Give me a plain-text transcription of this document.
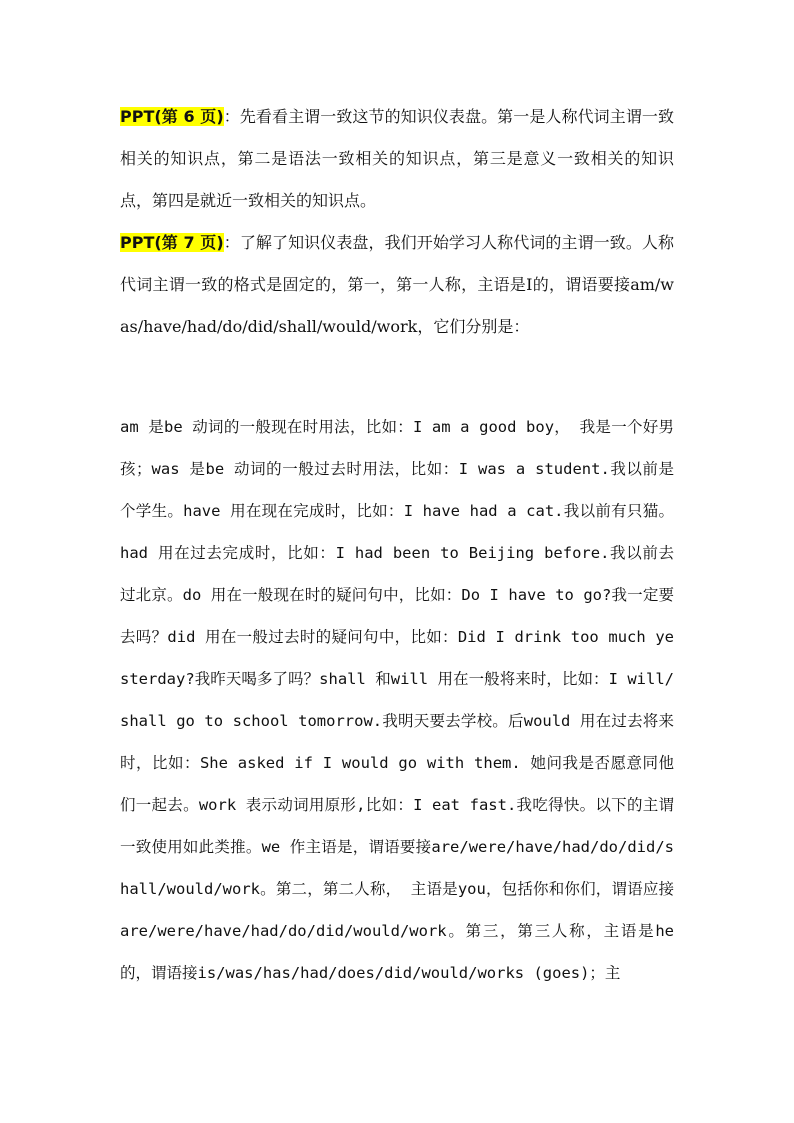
PPT(第 6 页)：先看看主谓一致这节的知识仪表盘。第一是人称代词主谓一致相关的知识点，第二是语法一致相关的知识点，第三是意义一致相关的知识点，第四是就近一致相关的知识点。

PPT(第 7 页)：了解了知识仪表盘，我们开始学习人称代词的主谓一致。人称代词主谓一致的格式是固定的，第一，第一人称，主语是I的，谓语要接am/was/have/had/do/did/shall/would/work，它们分别是：

am 是be 动词的一般现在时用法，比如：I am a good boy， 我是一个好男孩；was 是be 动词的一般过去时用法，比如：I was a student.我以前是个学生。have 用在现在完成时，比如：I have had a cat.我以前有只猫。had 用在过去完成时，比如：I had been to Beijing before.我以前去过北京。do 用在一般现在时的疑问句中，比如：Do I have to go?我一定要去吗？did 用在一般过去时的疑问句中，比如：Did I drink too much yesterday?我昨天喝多了吗？shall 和will 用在一般将来时，比如：I will/shall go to school tomorrow.我明天要去学校。后would 用在过去将来时，比如：She asked if I would go with them. 她问我是否愿意同他们一起去。work 表示动词用原形,比如：I eat fast.我吃得快。以下的主谓一致使用如此类推。we 作主语是，谓语要接are/were/have/had/do/did/shall/would/work。第二，第二人称， 主语是you，包括你和你们，谓语应接are/were/have/had/do/did/would/work。第三，第三人称，主语是he 的，谓语接is/was/has/had/does/did/would/works (goes)；主
